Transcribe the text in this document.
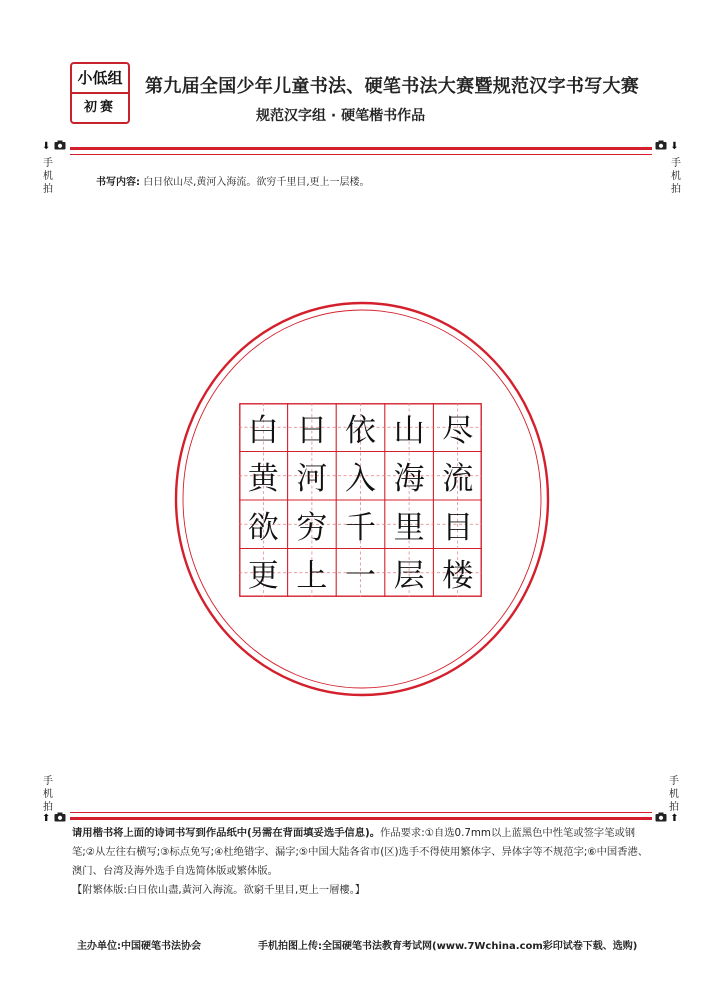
小低组
初赛
第九届全国少年儿童书法、硬笔书法大赛暨规范汉字书写大赛
规范汉字组 · 硬笔楷书作品
⬇
手
机
拍
⬇
手
机
拍
书写内容: 白日依山尽,黄河入海流。欲穷千里目,更上一层楼。
白 日 依 山 尽
黄 河 入 海 流
欲 穷 千 里 目
更 上 一 层 楼
手
机
拍
⬆
手
机
拍
⬆
请用楷书将上面的诗词书写到作品纸中(另需在背面填妥选手信息)。作品要求:①自选0.7mm以上蓝黑色中性笔或签字笔或钢笔;②从左往右横写;③标点免写;④杜绝错字、漏字;⑤中国大陆各省市(区)选手不得使用繁体字、异体字等不规范字;⑥中国香港、澳门、台湾及海外选手自选简体版或繁体版。
【附繁体版:白日依山盡,黃河入海流。欲窮千里目,更上一層樓。】
主办单位:中国硬笔书法协会	手机拍图上传:全国硬笔书法教育考试网(www.7Wchina.com彩印试卷下载、选购)
